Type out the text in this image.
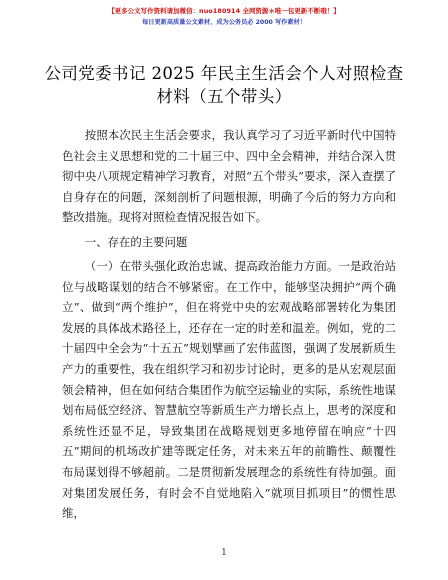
【更多公文写作资料请加微信：nuo180914 全网资源＊唯一包更新不断哦！】
每日更新高质量公文素材，成为公务员必 2000 写作素材！
公司党委书记 2025 年民主生活会个人对照检查材料（五个带头）

按照本次民主生活会要求，我认真学习了习近平新时代中国特色社会主义思想和党的二十届三中、四中全会精神，并结合深入贯彻中央八项规定精神学习教育，对照“五个带头”要求，深入查摆了自身存在的问题，深刻剖析了问题根源，明确了今后的努力方向和整改措施。现将对照检查情况报告如下。

一、存在的主要问题

（一）在带头强化政治忠诚、提高政治能力方面。一是政治站位与战略谋划的结合不够紧密。在工作中，能够坚决拥护“两个确立”、做到“两个维护”，但在将党中央的宏观战略部署转化为集团发展的具体战术路径上，还存在一定的时差和温差。例如，党的二十届四中全会为“十五五”规划擘画了宏伟蓝图，强调了发展新质生产力的重要性，我在组织学习和初步讨论时，更多的是从宏观层面领会精神，但在如何结合集团作为航空运输业的实际，系统性地谋划布局低空经济、智慧航空等新质生产力增长点上，思考的深度和系统性还显不足，导致集团在战略规划更多地停留在响应“十四五”期间的机场改扩建等既定任务，对未来五年的前瞻性、颠覆性布局谋划得不够超前。二是贯彻新发展理念的系统性有待加强。面对集团发展任务，有时会不自觉地陷入“就项目抓项目”的惯性思维，

1
